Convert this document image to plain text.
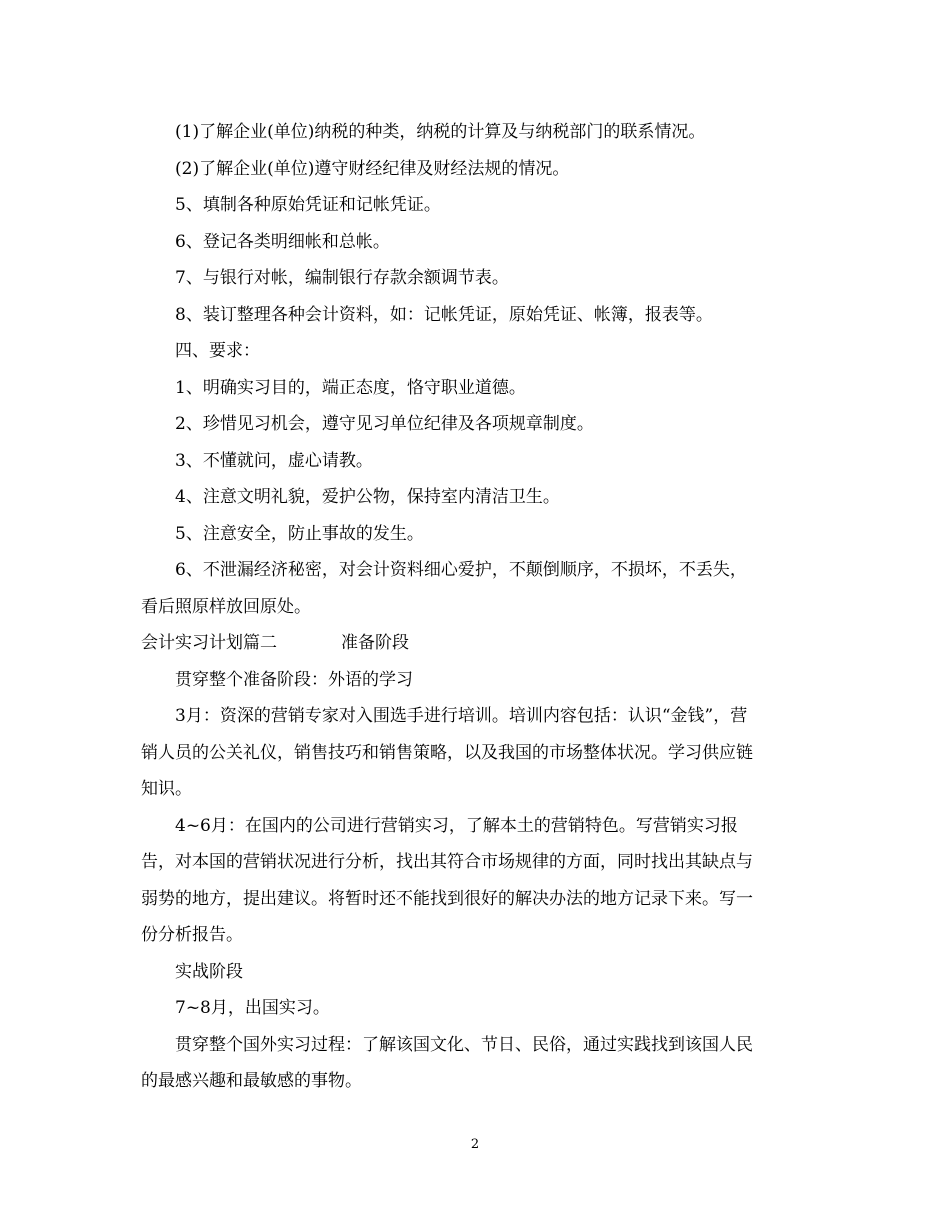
(1)了解企业(单位)纳税的种类，纳税的计算及与纳税部门的联系情况。
(2)了解企业(单位)遵守财经纪律及财经法规的情况。
5、填制各种原始凭证和记帐凭证。
6、登记各类明细帐和总帐。
7、与银行对帐，编制银行存款余额调节表。
8、装订整理各种会计资料，如：记帐凭证，原始凭证、帐簿，报表等。
四、要求：
1、明确实习目的，端正态度，恪守职业道德。
2、珍惜见习机会，遵守见习单位纪律及各项规章制度。
3、不懂就问，虚心请教。
4、注意文明礼貌，爱护公物，保持室内清洁卫生。
5、注意安全，防止事故的发生。
6、不泄漏经济秘密，对会计资料细心爱护，不颠倒顺序，不损坏，不丢失，
看后照原样放回原处。
会计实习计划篇二	准备阶段
贯穿整个准备阶段：外语的学习
3月：资深的营销专家对入围选手进行培训。培训内容包括：认识“金钱”，营
销人员的公关礼仪，销售技巧和销售策略，以及我国的市场整体状况。学习供应链
知识。
4~6月：在国内的公司进行营销实习，了解本土的营销特色。写营销实习报
告，对本国的营销状况进行分析，找出其符合市场规律的方面，同时找出其缺点与
弱势的地方，提出建议。将暂时还不能找到很好的解决办法的地方记录下来。写一
份分析报告。
实战阶段
7~8月，出国实习。
贯穿整个国外实习过程：了解该国文化、节日、民俗，通过实践找到该国人民
的最感兴趣和最敏感的事物。
2
